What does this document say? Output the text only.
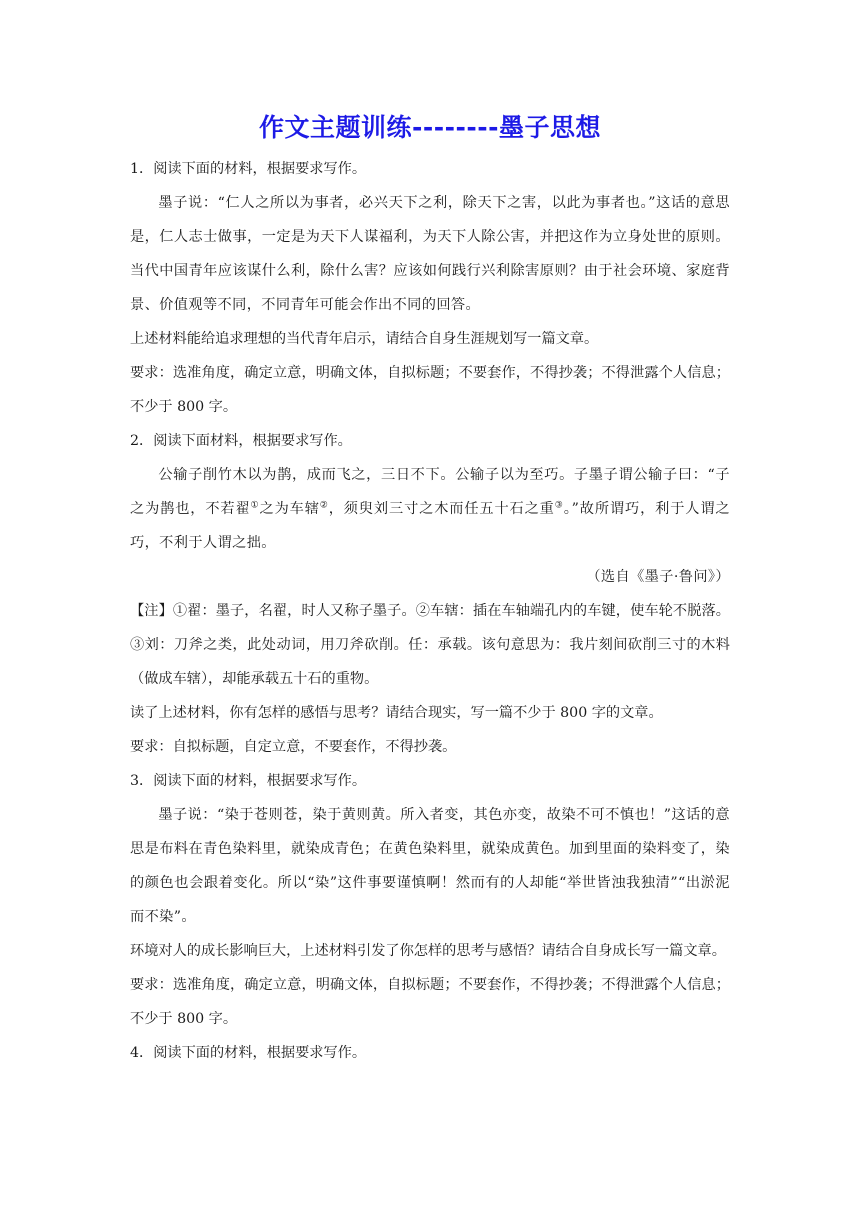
作文主题训练--------墨子思想

1．阅读下面的材料，根据要求写作。

墨子说：“仁人之所以为事者，必兴天下之利，除天下之害，以此为事者也。”这话的意思是，仁人志士做事，一定是为天下人谋福利，为天下人除公害，并把这作为立身处世的原则。当代中国青年应该谋什么利，除什么害？应该如何践行兴利除害原则？由于社会环境、家庭背景、价值观等不同，不同青年可能会作出不同的回答。

上述材料能给追求理想的当代青年启示，请结合自身生涯规划写一篇文章。

要求：选准角度，确定立意，明确文体，自拟标题；不要套作，不得抄袭；不得泄露个人信息；不少于 800 字。

2．阅读下面材料，根据要求写作。

公输子削竹木以为鹊，成而飞之，三日不下。公输子以为至巧。子墨子谓公输子曰：“子之为鹊也，不若翟①之为车辖②，须臾刘三寸之木而任五十石之重③。”故所谓巧，利于人谓之巧，不利于人谓之拙。

（选自《墨子·鲁问》）

【注】①翟：墨子，名翟，时人又称子墨子。②车辖：插在车轴端孔内的车键，使车轮不脱落。③刘：刀斧之类，此处动词，用刀斧砍削。任：承载。该句意思为：我片刻间砍削三寸的木料（做成车辖），却能承载五十石的重物。

读了上述材料，你有怎样的感悟与思考？请结合现实，写一篇不少于 800 字的文章。

要求：自拟标题，自定立意，不要套作，不得抄袭。

3．阅读下面的材料，根据要求写作。

墨子说：“染于苍则苍，染于黄则黄。所入者变，其色亦变，故染不可不慎也！”这话的意思是布料在青色染料里，就染成青色；在黄色染料里，就染成黄色。加到里面的染料变了，染的颜色也会跟着变化。所以“染”这件事要谨慎啊！然而有的人却能“举世皆浊我独清”“出淤泥而不染”。

环境对人的成长影响巨大，上述材料引发了你怎样的思考与感悟？请结合自身成长写一篇文章。

要求：选准角度，确定立意，明确文体，自拟标题；不要套作，不得抄袭；不得泄露个人信息；不少于 800 字。

4．阅读下面的材料，根据要求写作。
